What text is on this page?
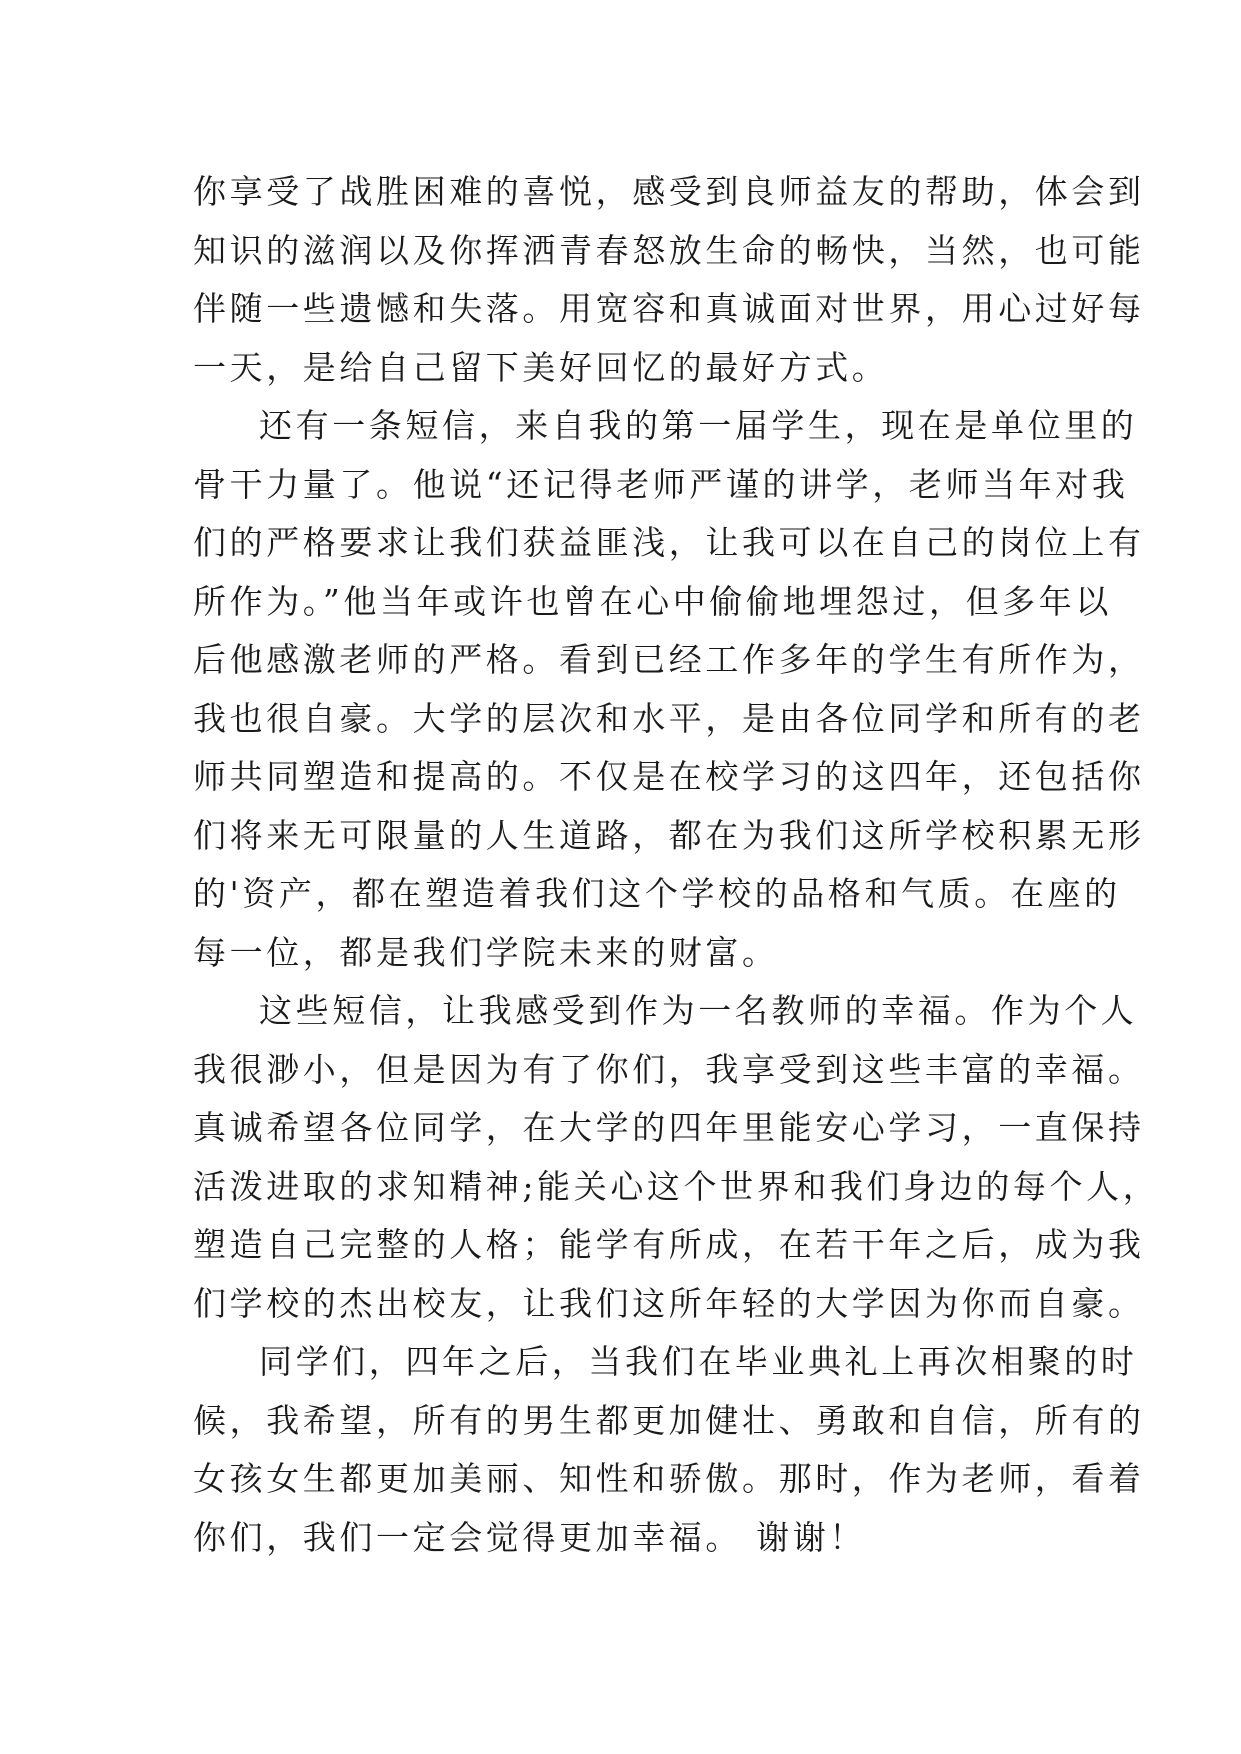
你享受了战胜困难的喜悦，感受到良师益友的帮助，体会到
知识的滋润以及你挥洒青春怒放生命的畅快，当然，也可能
伴随一些遗憾和失落。用宽容和真诚面对世界，用心过好每
一天，是给自己留下美好回忆的最好方式。
还有一条短信，来自我的第一届学生，现在是单位里的
骨干力量了。他说“还记得老师严谨的讲学，老师当年对我
们的严格要求让我们获益匪浅，让我可以在自己的岗位上有
所作为。”他当年或许也曾在心中偷偷地埋怨过，但多年以
后他感激老师的严格。看到已经工作多年的学生有所作为，
我也很自豪。大学的层次和水平，是由各位同学和所有的老
师共同塑造和提高的。不仅是在校学习的这四年，还包括你
们将来无可限量的人生道路，都在为我们这所学校积累无形
的'资产，都在塑造着我们这个学校的品格和气质。在座的
每一位，都是我们学院未来的财富。
这些短信，让我感受到作为一名教师的幸福。作为个人
我很渺小，但是因为有了你们，我享受到这些丰富的幸福。
真诚希望各位同学，在大学的四年里能安心学习，一直保持
活泼进取的求知精神;能关心这个世界和我们身边的每个人，
塑造自己完整的人格；能学有所成，在若干年之后，成为我
们学校的杰出校友，让我们这所年轻的大学因为你而自豪。
同学们，四年之后，当我们在毕业典礼上再次相聚的时
候，我希望，所有的男生都更加健壮、勇敢和自信，所有的
女孩女生都更加美丽、知性和骄傲。那时，作为老师，看着
你们，我们一定会觉得更加幸福。 谢谢！
